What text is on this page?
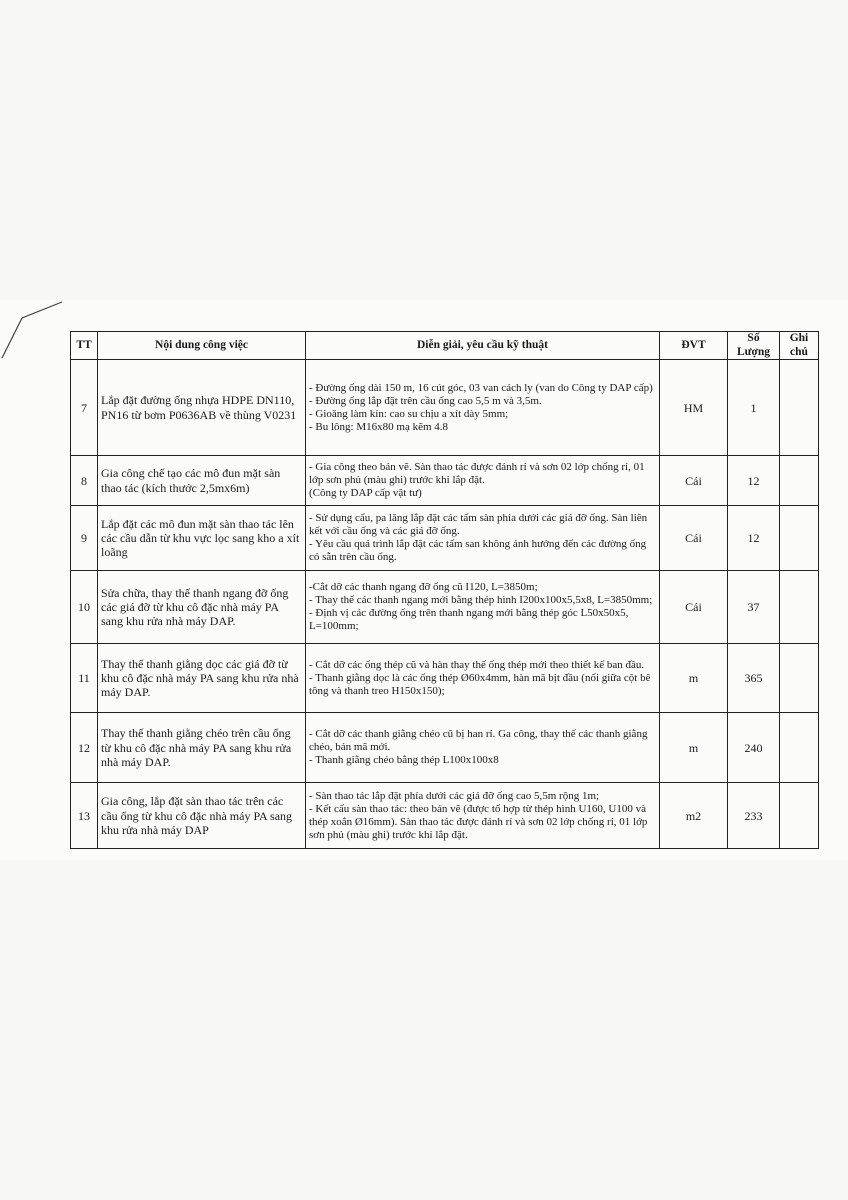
TT	Nội dung công việc	Diễn giải, yêu cầu kỹ thuật	ĐVT	Số Lượng	Ghi chú
7	Lắp đặt đường ống nhựa HDPE DN110, PN16 từ bơm P0636AB về thùng V0231	- Đường ống dài 150 m, 16 cút góc, 03 van cách ly (van do Công ty DAP cấp)
- Đường ống lắp đặt trên cầu ống cao 5,5 m và 3,5m.
- Gioăng làm kín: cao su chịu a xít dày 5mm;
- Bu lông: M16x80 mạ kẽm 4.8	HM	1	
8	Gia công chế tạo các mô đun mặt sàn thao tác (kích thước 2,5mx6m)	- Gia công theo bản vẽ. Sàn thao tác được đánh rỉ và sơn 02 lớp chống rỉ, 01 lớp sơn phủ (màu ghi) trước khi lắp đặt.
(Công ty DAP cấp vật tư)	Cái	12	
9	Lắp đặt các mô đun mặt sàn thao tác lên các cầu dẫn từ khu vực lọc sang kho a xít loãng	- Sử dụng cẩu, pa lăng lắp đặt các tấm sàn phía dưới các giá đỡ ống. Sàn liên kết với cầu ống và các giá đỡ ống.
- Yêu cầu quá trình lắp đặt các tấm san không ảnh hưởng đến các đường ống có sẵn trên cầu ống.	Cái	12	
10	Sửa chữa, thay thế thanh ngang đỡ ống các giá đỡ từ khu cô đặc nhà máy PA sang khu rửa nhà máy DAP.	-Cắt dỡ các thanh ngang đỡ ống cũ I120, L=3850m;
- Thay thế các thanh ngang mới bằng thép hình I200x100x5,5x8, L=3850mm;
- Định vị các đường ống trên thanh ngang mới bằng thép góc L50x50x5, L=100mm;	Cái	37	
11	Thay thế thanh giằng dọc các giá đỡ từ khu cô đặc nhà máy PA sang khu rửa nhà máy DAP.	- Cắt dỡ các ống thép cũ và hàn thay thế ống thép mới theo thiết kế ban đầu.
- Thanh giằng dọc là các ống thép Ø60x4mm, hàn mã bịt đầu (nối giữa cột bê tông và thanh treo H150x150);	m	365	
12	Thay thế thanh giằng chéo trên cầu ống từ khu cô đặc nhà máy PA sang khu rửa nhà máy DAP.	- Cắt dỡ các thanh giằng chéo cũ bị han rỉ. Ga công, thay thế các thanh giằng chéo, bản mã mới.
- Thanh giằng chéo bằng thép L100x100x8	m	240	
13	Gia công, lắp đặt sàn thao tác trên các cầu ống từ khu cô đặc nhà máy PA sang khu rửa nhà máy DAP	- Sàn thao tác lắp đặt phía dưới các giá đỡ ống cao 5,5m rộng 1m;
- Kết cấu sàn thao tác: theo bản vẽ (được tổ hợp từ thép hình U160, U100 và thép xoắn Ø16mm). Sàn thao tác được đánh rỉ và sơn 02 lớp chống rỉ, 01 lớp sơn phủ (màu ghi) trước khi lắp đặt.	m2	233	
